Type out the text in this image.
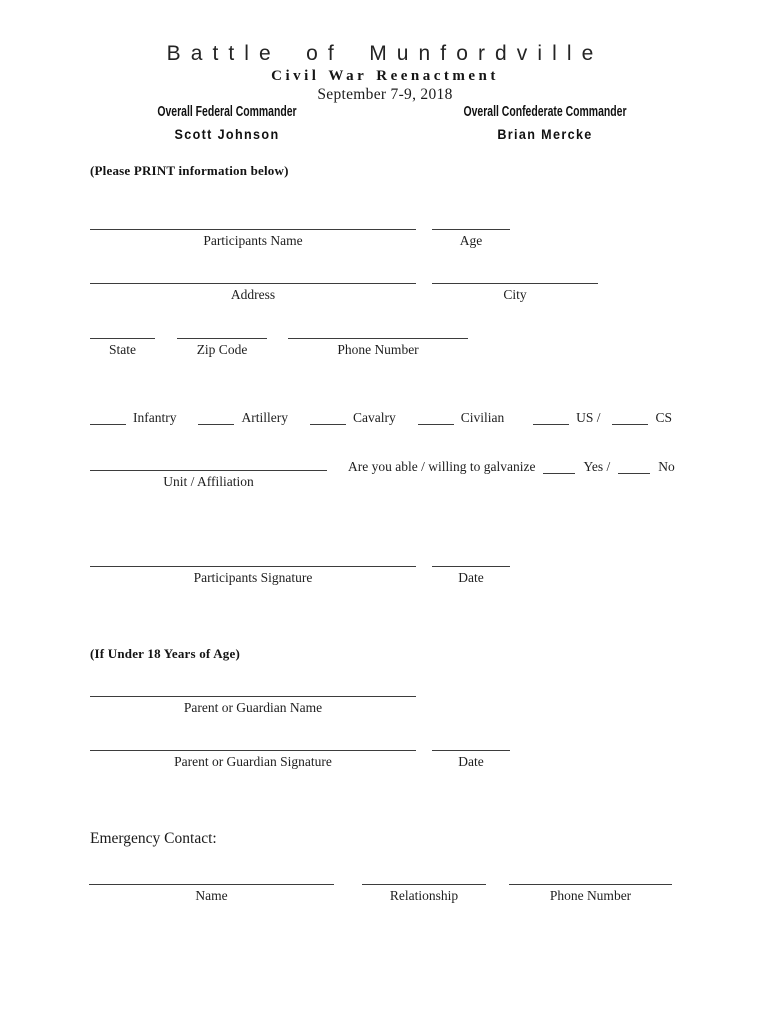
Battle of Munfordville
Civil War Reenactment
September 7-9, 2018
Overall Federal Commander
Scott Johnson
Overall Confederate Commander
Brian Mercke
(Please PRINT information below)
Participants Name	Age
Address	City
State	Zip Code	Phone Number
Infantry	Artillery	Cavalry	Civilian	US /	CS
Unit / Affiliation
Are you able / willing to galvanize	Yes /	No
Participants Signature	Date
(If Under 18 Years of Age)
Parent or Guardian Name
Parent or Guardian Signature	Date
Emergency Contact:
Name	Relationship	Phone Number
